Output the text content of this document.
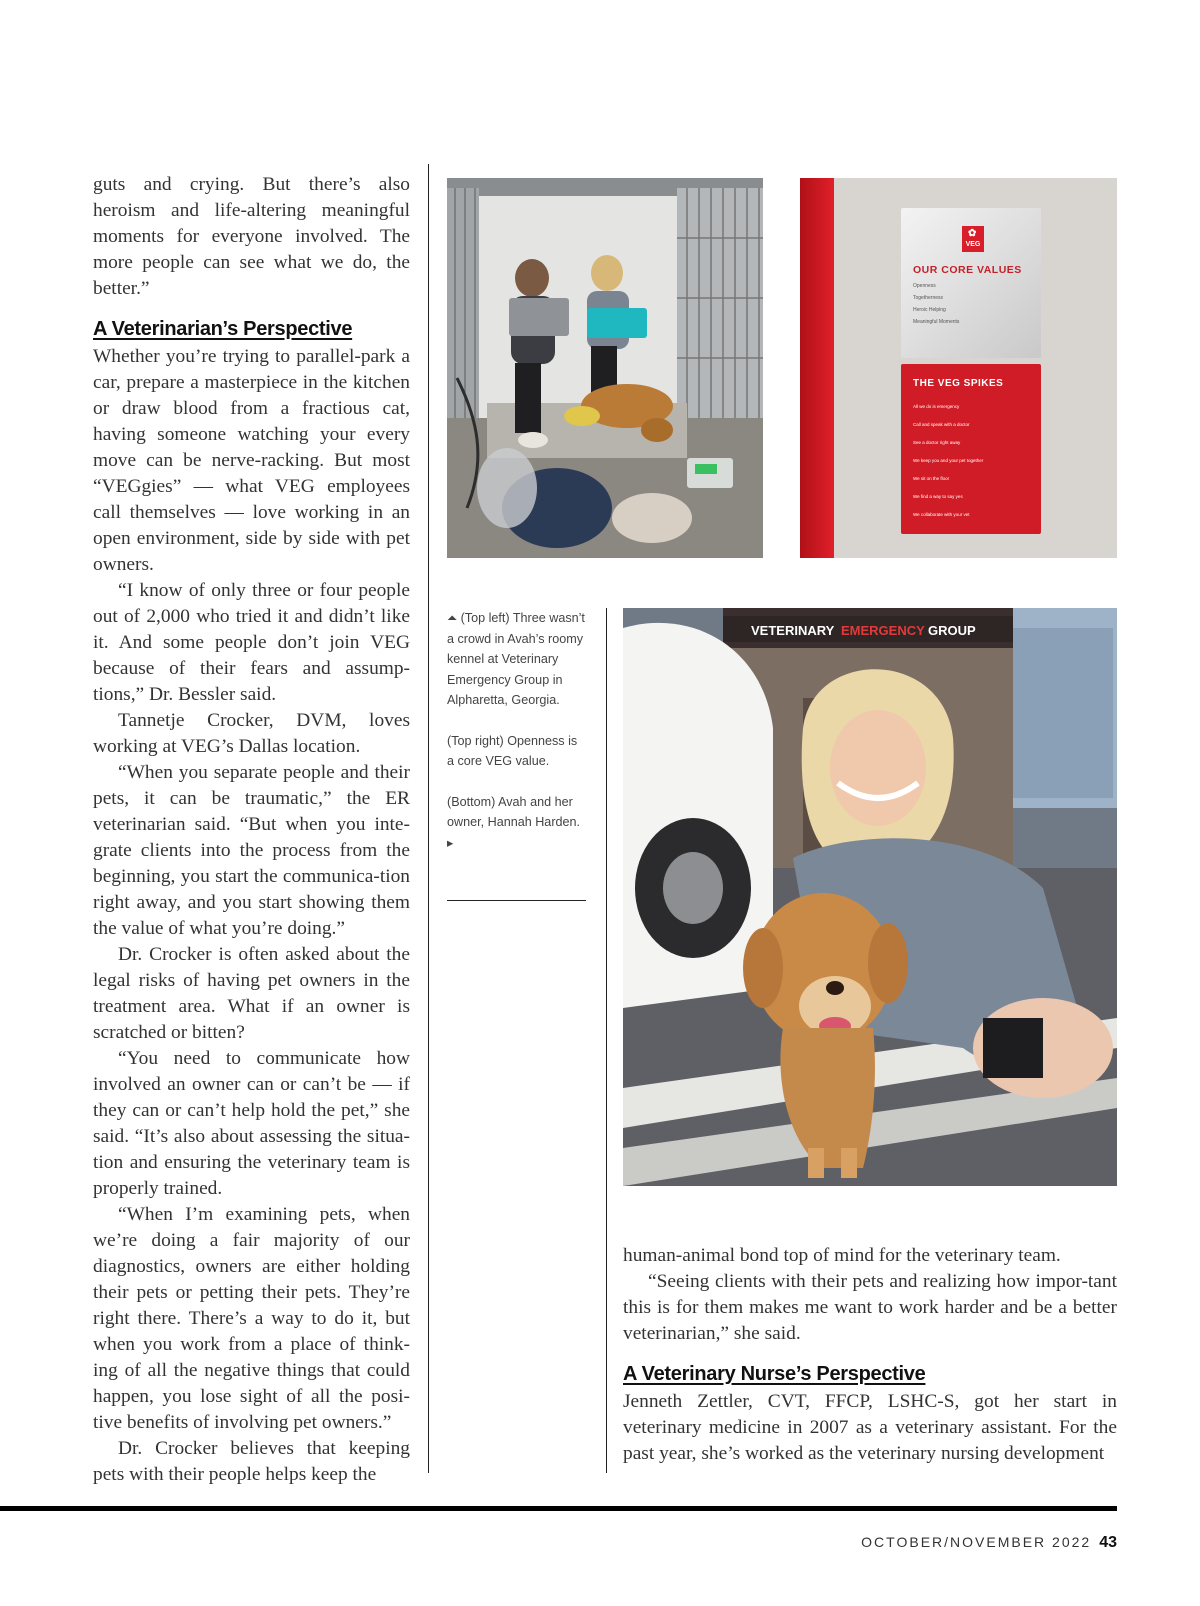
guts and crying. But there’s also heroism and life-altering meaningful moments for everyone involved. The more people can see what we do, the better.”

A Veterinarian’s Perspective

Whether you’re trying to parallel-park a car, prepare a masterpiece in the kitchen or draw blood from a fractious cat, having someone watching your every move can be nerve-racking. But most “VEGgies” — what VEG employees call themselves — love working in an open environment, side by side with pet owners.

“I know of only three or four people out of 2,000 who tried it and didn’t like it. And some people don’t join VEG because of their fears and assump-tions,” Dr. Bessler said.

Tannetje Crocker, DVM, loves working at VEG’s Dallas location.

“When you separate people and their pets, it can be traumatic,” the ER veterinarian said. “But when you inte-grate clients into the process from the beginning, you start the communica-tion right away, and you start showing them the value of what you’re doing.”

Dr. Crocker is often asked about the legal risks of having pet owners in the treatment area. What if an owner is scratched or bitten?

“You need to communicate how involved an owner can or can’t be — if they can or can’t help hold the pet,” she said. “It’s also about assessing the situa-tion and ensuring the veterinary team is properly trained.

“When I’m examining pets, when we’re doing a fair majority of our diagnostics, owners are either holding their pets or petting their pets. They’re right there. There’s a way to do it, but when you work from a place of think-ing of all the negative things that could happen, you lose sight of all the posi-tive benefits of involving pet owners.”

Dr. Crocker believes that keeping pets with their people helps keep the

✿
VEG
OUR CORE VALUES
Openness
Togetherness
Heroic Helping
Meaningful Moments
THE VEG SPIKES
All we do is emergency
Call and speak with a doctor
See a doctor right away
We keep you and your pet together
We sit on the floor
We find a way to say yes
We collaborate with your vet

⏶ (Top left) Three wasn’t a crowd in Avah’s roomy kennel at Veterinary Emergency Group in Alpharetta, Georgia.

(Top right) Openness is a core VEG value.

(Bottom) Avah and her owner, Hannah Harden. ▸

VETERINARY EMERGENCY GROUP

human-animal bond top of mind for the veterinary team.

“Seeing clients with their pets and realizing how impor-tant this is for them makes me want to work harder and be a better veterinarian,” she said.

A Veterinary Nurse’s Perspective

Jenneth Zettler, CVT, FFCP, LSHC-S, got her start in veterinary medicine in 2007 as a veterinary assistant. For the past year, she’s worked as the veterinary nursing development

OCTOBER/NOVEMBER 2022 43
